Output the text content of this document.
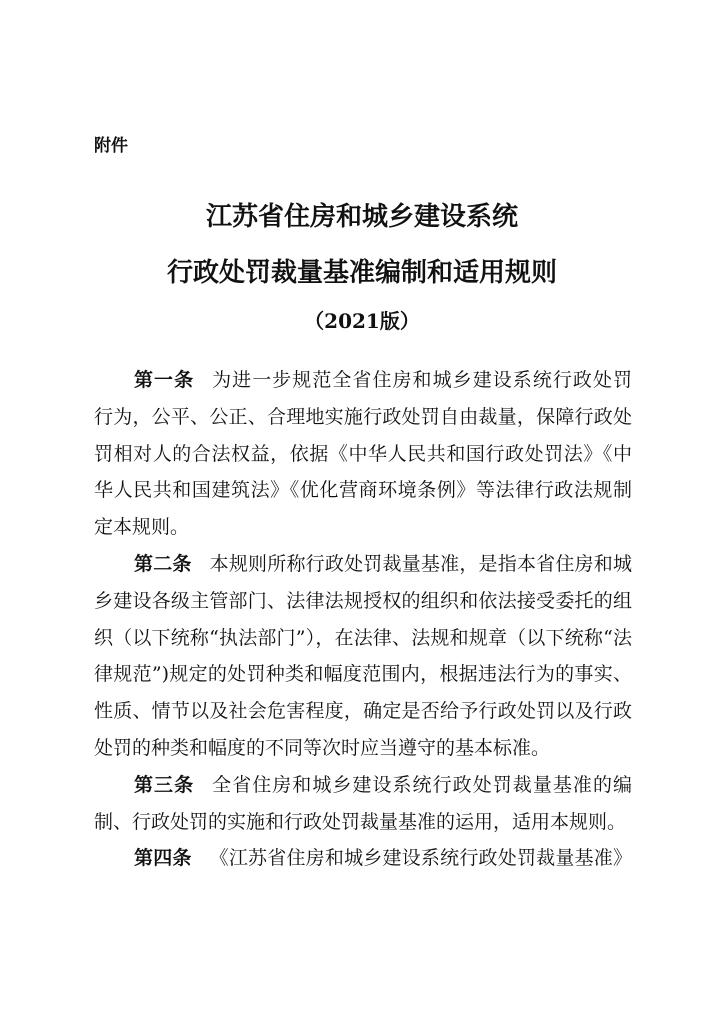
附件
江苏省住房和城乡建设系统
行政处罚裁量基准编制和适用规则
（2021版）
第一条 为进一步规范全省住房和城乡建设系统行政处罚
行为，公平、公正、合理地实施行政处罚自由裁量，保障行政处
罚相对人的合法权益，依据《中华人民共和国行政处罚法》《中
华人民共和国建筑法》《优化营商环境条例》等法律行政法规制
定本规则。
第二条 本规则所称行政处罚裁量基准，是指本省住房和城
乡建设各级主管部门、法律法规授权的组织和依法接受委托的组
织（以下统称“执法部门”），在法律、法规和规章（以下统称“法
律规范”)规定的处罚种类和幅度范围内，根据违法行为的事实、
性质、情节以及社会危害程度，确定是否给予行政处罚以及行政
处罚的种类和幅度的不同等次时应当遵守的基本标准。
第三条 全省住房和城乡建设系统行政处罚裁量基准的编
制、行政处罚的实施和行政处罚裁量基准的运用，适用本规则。
第四条 《江苏省住房和城乡建设系统行政处罚裁量基准》
